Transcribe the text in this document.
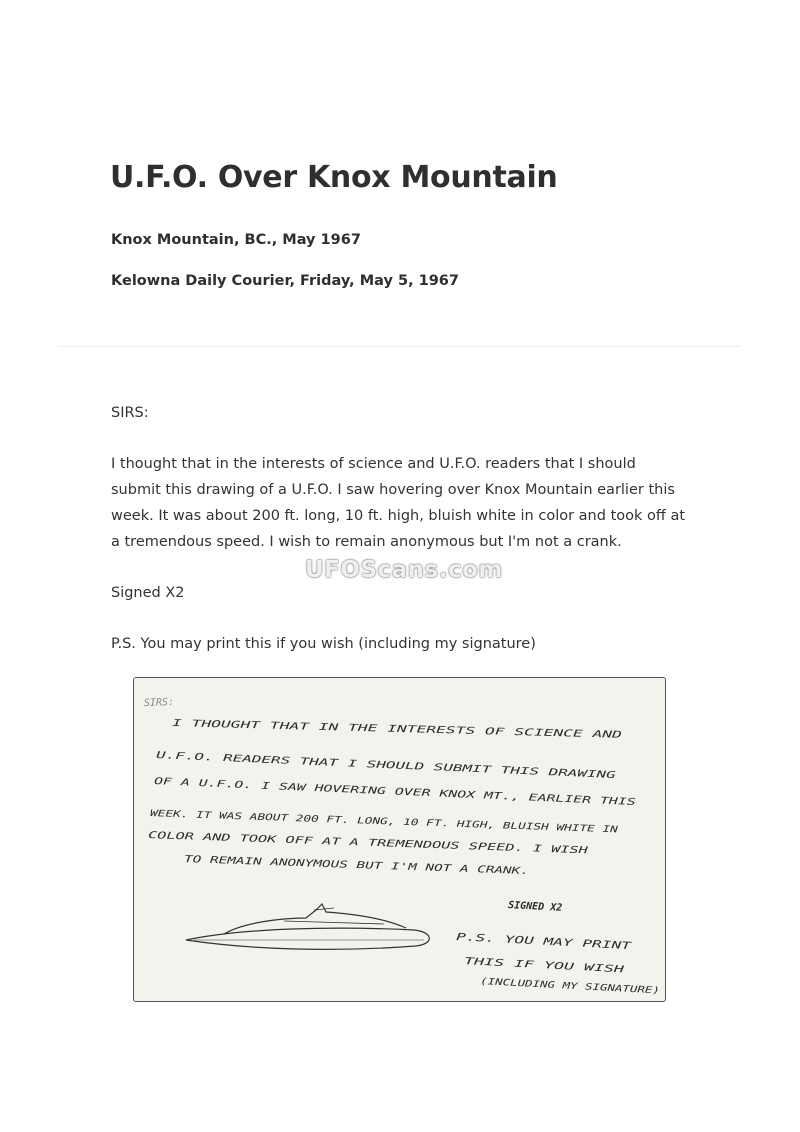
U.F.O. Over Knox Mountain

Knox Mountain, BC., May 1967

Kelowna Daily Courier, Friday, May 5, 1967

SIRS:

I thought that in the interests of science and U.F.O. readers that I should submit this drawing of a U.F.O. I saw hovering over Knox Mountain earlier this week. It was about 200 ft. long, 10 ft. high, bluish white in color and took off at a tremendous speed. I wish to remain anonymous but I'm not a crank.

Signed X2

P.S. You may print this if you wish (including my signature)

UFOScans.com
SIRS:
I THOUGHT THAT IN THE INTERESTS OF SCIENCE AND
U.F.O. READERS THAT I SHOULD SUBMIT THIS DRAWING
OF A U.F.O. I SAW HOVERING OVER KNOX MT., EARLIER THIS
WEEK. IT WAS ABOUT 200 FT. LONG, 10 FT. HIGH, BLUISH WHITE IN
COLOR AND TOOK OFF AT A TREMENDOUS SPEED. I WISH
TO REMAIN ANONYMOUS BUT I'M NOT A CRANK.
SIGNED X2
P.S. YOU MAY PRINT
THIS IF YOU WISH
(INCLUDING MY SIGNATURE)
